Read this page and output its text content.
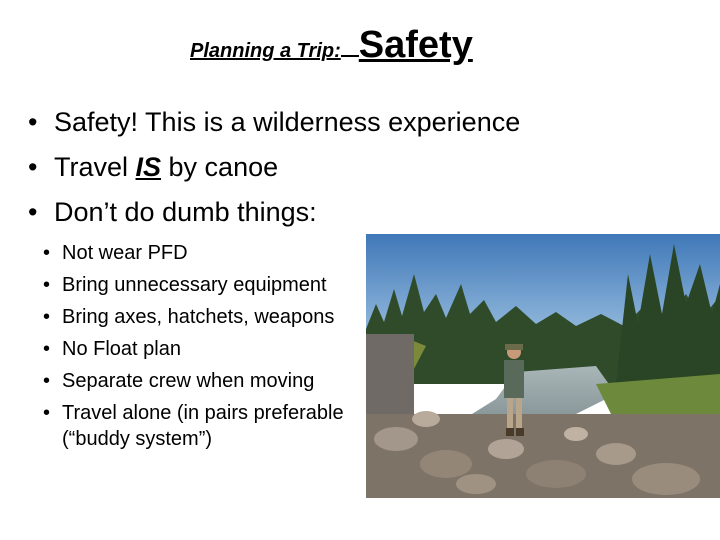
Planning a Trip: Safety
• Safety! This is a wilderness experience
• Travel IS by canoe
• Don’t do dumb things:
• Not wear PFD
• Bring unnecessary equipment
• Bring axes, hatchets, weapons
• No Float plan
• Separate crew when moving
• Travel alone (in pairs preferable (“buddy system”)
